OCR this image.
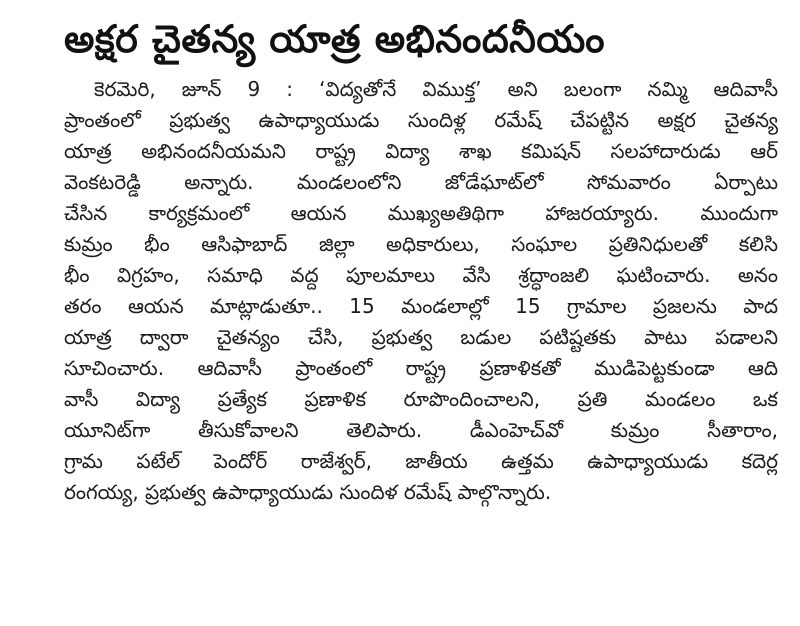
అక్షర చైతన్య యాత్ర అభినందనీయం
కెరమెరి, జూన్ 9 : ‘విద్యతోనే విముక్త’ అని బలంగా నమ్మి ఆదివాసీ
ప్రాంతంలో ప్రభుత్వ ఉపాధ్యాయుడు సుందిళ్ల రమేష్ చేపట్టిన అక్షర చైతన్య
యాత్ర అభినందనీయమని రాష్ట్ర విద్యా శాఖ కమిషన్ సలహాదారుడు ఆర్
వెంకటరెడ్డి అన్నారు. మండలంలోని జోడేఘాట్‌లో సోమవారం ఏర్పాటు
చేసిన కార్యక్రమంలో ఆయన ముఖ్యఅతిథిగా హాజరయ్యారు. ముందుగా
కుమ్రం భీం ఆసిఫాబాద్ జిల్లా అధికారులు, సంఘాల ప్రతినిధులతో కలిసి
భీం విగ్రహం, సమాధి వద్ద పూలమాలు వేసి శ్రద్ధాంజలి ఘటించారు. అనం
తరం ఆయన మాట్లాడుతూ.. 15 మండలాల్లో 15 గ్రామాల ప్రజలను పాద
యాత్ర ద్వారా చైతన్యం చేసి, ప్రభుత్వ బడుల పటిష్టతకు పాటు పడాలని
సూచించారు. ఆదివాసీ ప్రాంతంలో రాష్ట్ర ప్రణాళికతో ముడిపెట్టకుండా ఆది
వాసీ విద్యా ప్రత్యేక ప్రణాళిక రూపొందించాలని, ప్రతి మండలం ఒక
యూనిట్‌గా తీసుకోవాలని తెలిపారు. డీఎంహెచ్‌వో కుమ్రం సీతారాం,
గ్రామ పటేల్ పెందోర్ రాజేశ్వర్, జాతీయ ఉత్తమ ఉపాధ్యాయుడు కదెర్ల
రంగయ్య, ప్రభుత్వ ఉపాధ్యాయుడు సుందిళ రమేష్ పాల్గొన్నారు.
